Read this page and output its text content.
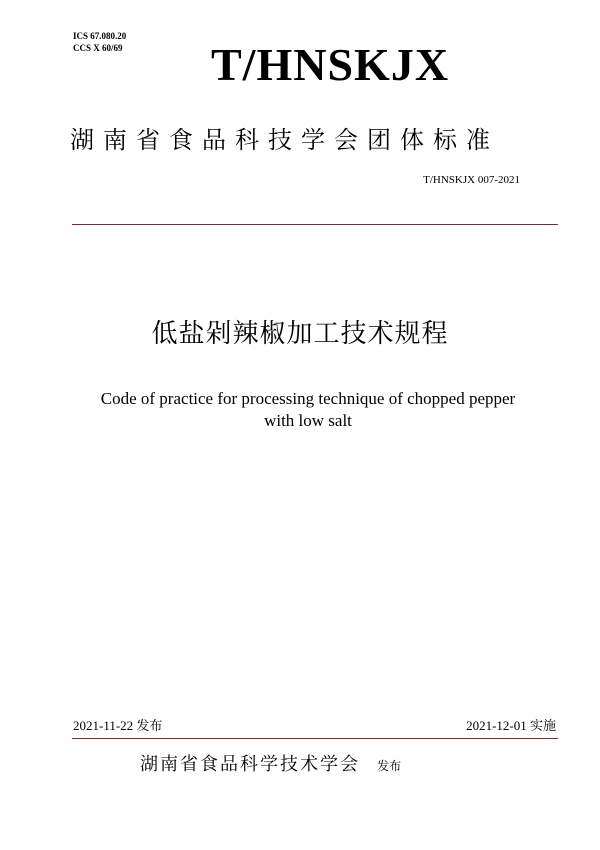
ICS 67.080.20
CCS X 60/69 T/HNSKJX
湖南省食品科技学会团体标准
T/HNSKJX 007-2021
低盐剁辣椒加工技术规程
Code of practice for processing technique of chopped pepper
with low salt
2021-11-22 发布	2021-12-01 实施
湖南省食品科学技术学会 发布
